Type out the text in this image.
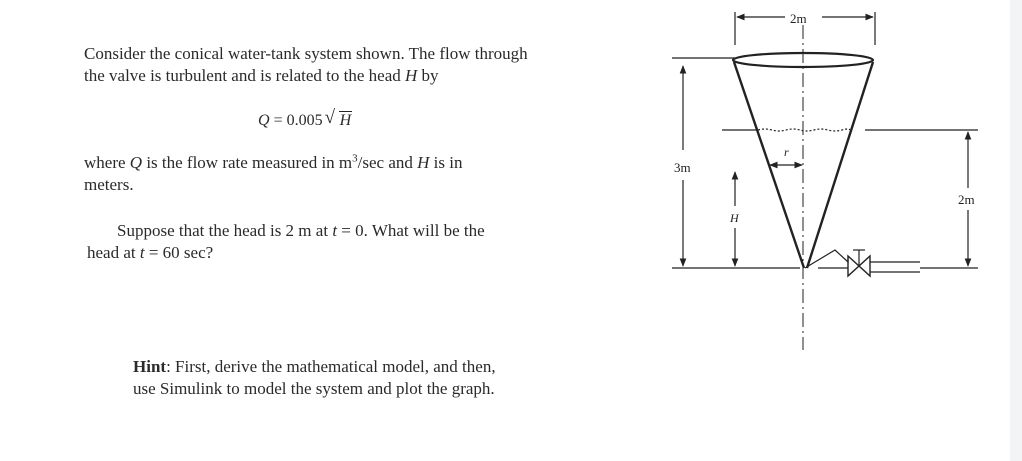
Consider the conical water-tank system shown. The flow through
the valve is turbulent and is related to the head H by
Q = 0.005 √ H
where Q is the flow rate measured in $m^3/\sec$ and H is in
meters.
Suppose that the head is 2 m at t = 0. What will be the
head at t = 60 sec?
Hint: First, derive the mathematical model, and then,
use Simulink to model the system and plot the graph.
2m
3m
r
H
2m
